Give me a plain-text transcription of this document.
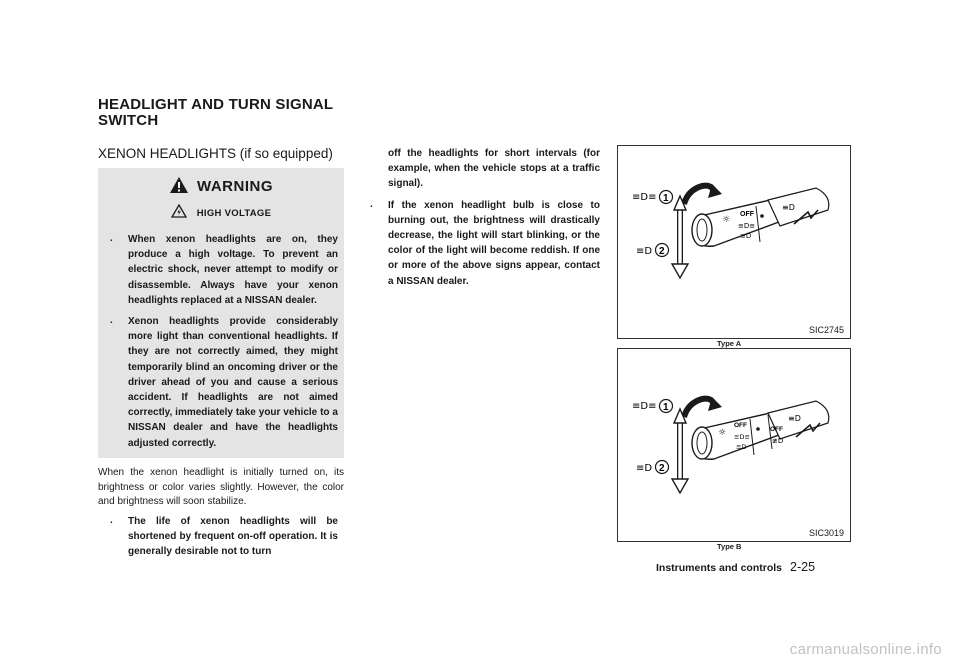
HEADLIGHT AND TURN SIGNAL SWITCH
XENON HEADLIGHTS (if so equipped)
WARNING
HIGH VOLTAGE
. When xenon headlights are on, they produce a high voltage. To prevent an electric shock, never attempt to modify or disassemble. Always have your xenon headlights replaced at a NISSAN dealer.
. Xenon headlights provide considerably more light than conventional headlights. If they are not correctly aimed, they might temporarily blind an oncoming driver or the driver ahead of you and cause a serious accident. If headlights are not aimed correctly, immediately take your vehicle to a NISSAN dealer and have the headlights adjusted correctly.
When the xenon headlight is initially turned on, its brightness or color varies slightly. However, the color and brightness will soon stabilize.
. The life of xenon headlights will be shortened by frequent on-off operation. It is generally desirable not to turn
off the headlights for short intervals (for example, when the vehicle stops at a traffic signal).
. If the xenon headlight bulb is close to burning out, the brightness will drastically decrease, the light will start blinking, or the color of the light will become reddish. If one or more of the above signs appear, contact a NISSAN dealer.
OFF
☼
≡D≡
≡D
≡D
≡D≡ 1
≡D 2
SIC2745
Type A
OFF
☼ ≡D≡
≡D
OFF
≢D
≡D
≡D≡ 1
≡D 2
SIC3019
Type B
Instruments and controls 2-25
carmanualsonline.info
